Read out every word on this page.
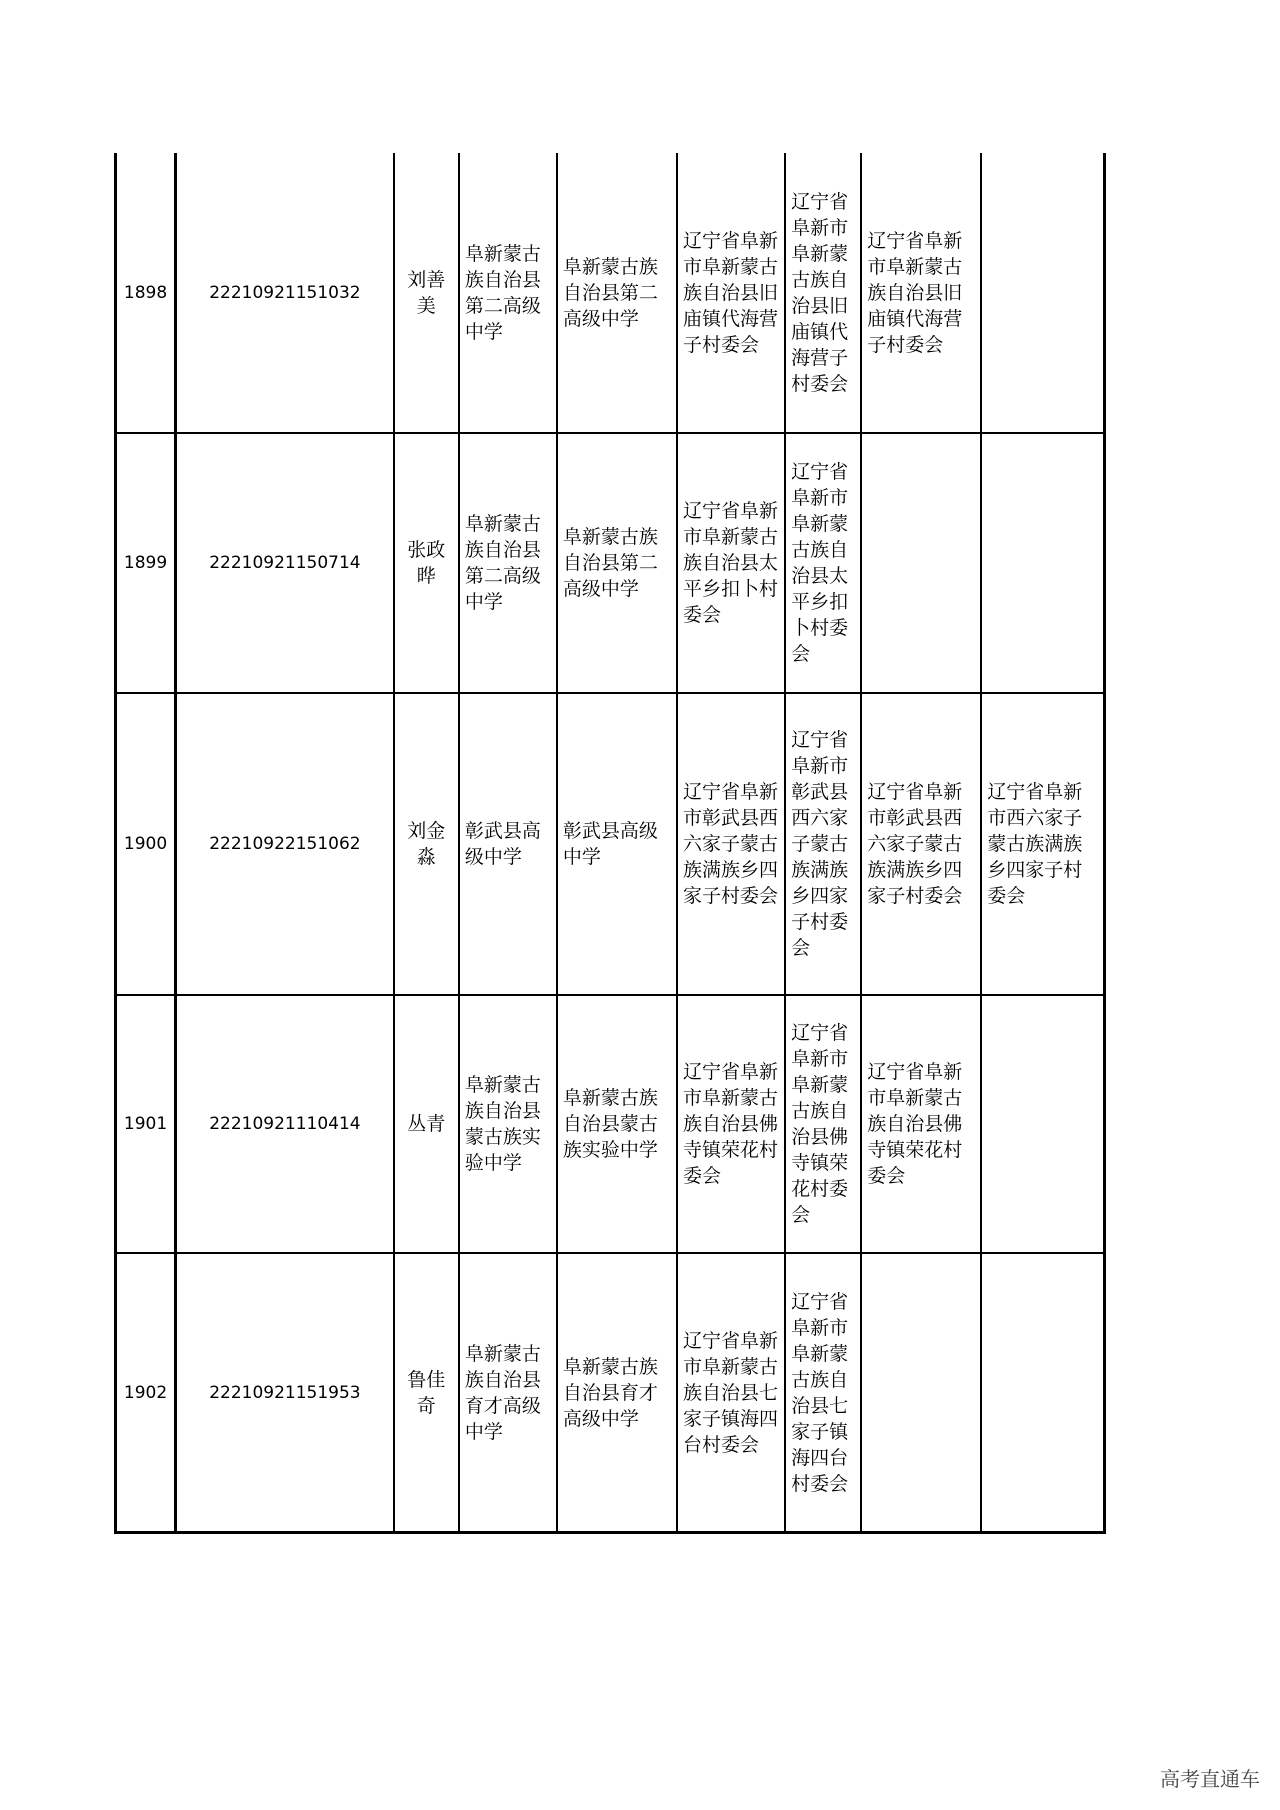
1898	22210921151032	刘善美	阜新蒙古族自治县第二高级中学	阜新蒙古族自治县第二高级中学	辽宁省阜新市阜新蒙古族自治县旧庙镇代海营子村委会	辽宁省阜新市阜新蒙古族自治县旧庙镇代海营子村委会	辽宁省阜新市阜新蒙古族自治县旧庙镇代海营子村委会	
1899	22210921150714	张政晔	阜新蒙古族自治县第二高级中学	阜新蒙古族自治县第二高级中学	辽宁省阜新市阜新蒙古族自治县太平乡扣卜村委会	辽宁省阜新市阜新蒙古族自治县太平乡扣卜村委会		
1900	22210922151062	刘金淼	彰武县高级中学	彰武县高级中学	辽宁省阜新市彰武县西六家子蒙古族满族乡四家子村委会	辽宁省阜新市彰武县西六家子蒙古族满族乡四家子村委会	辽宁省阜新市彰武县西六家子蒙古族满族乡四家子村委会	辽宁省阜新市西六家子蒙古族满族乡四家子村委会
1901	22210921110414	丛青	阜新蒙古族自治县蒙古族实验中学	阜新蒙古族自治县蒙古族实验中学	辽宁省阜新市阜新蒙古族自治县佛寺镇荣花村委会	辽宁省阜新市阜新蒙古族自治县佛寺镇荣花村委会	辽宁省阜新市阜新蒙古族自治县佛寺镇荣花村委会	
1902	22210921151953	鲁佳奇	阜新蒙古族自治县育才高级中学	阜新蒙古族自治县育才高级中学	辽宁省阜新市阜新蒙古族自治县七家子镇海四台村委会	辽宁省阜新市阜新蒙古族自治县七家子镇海四台村委会		
高考直通车
